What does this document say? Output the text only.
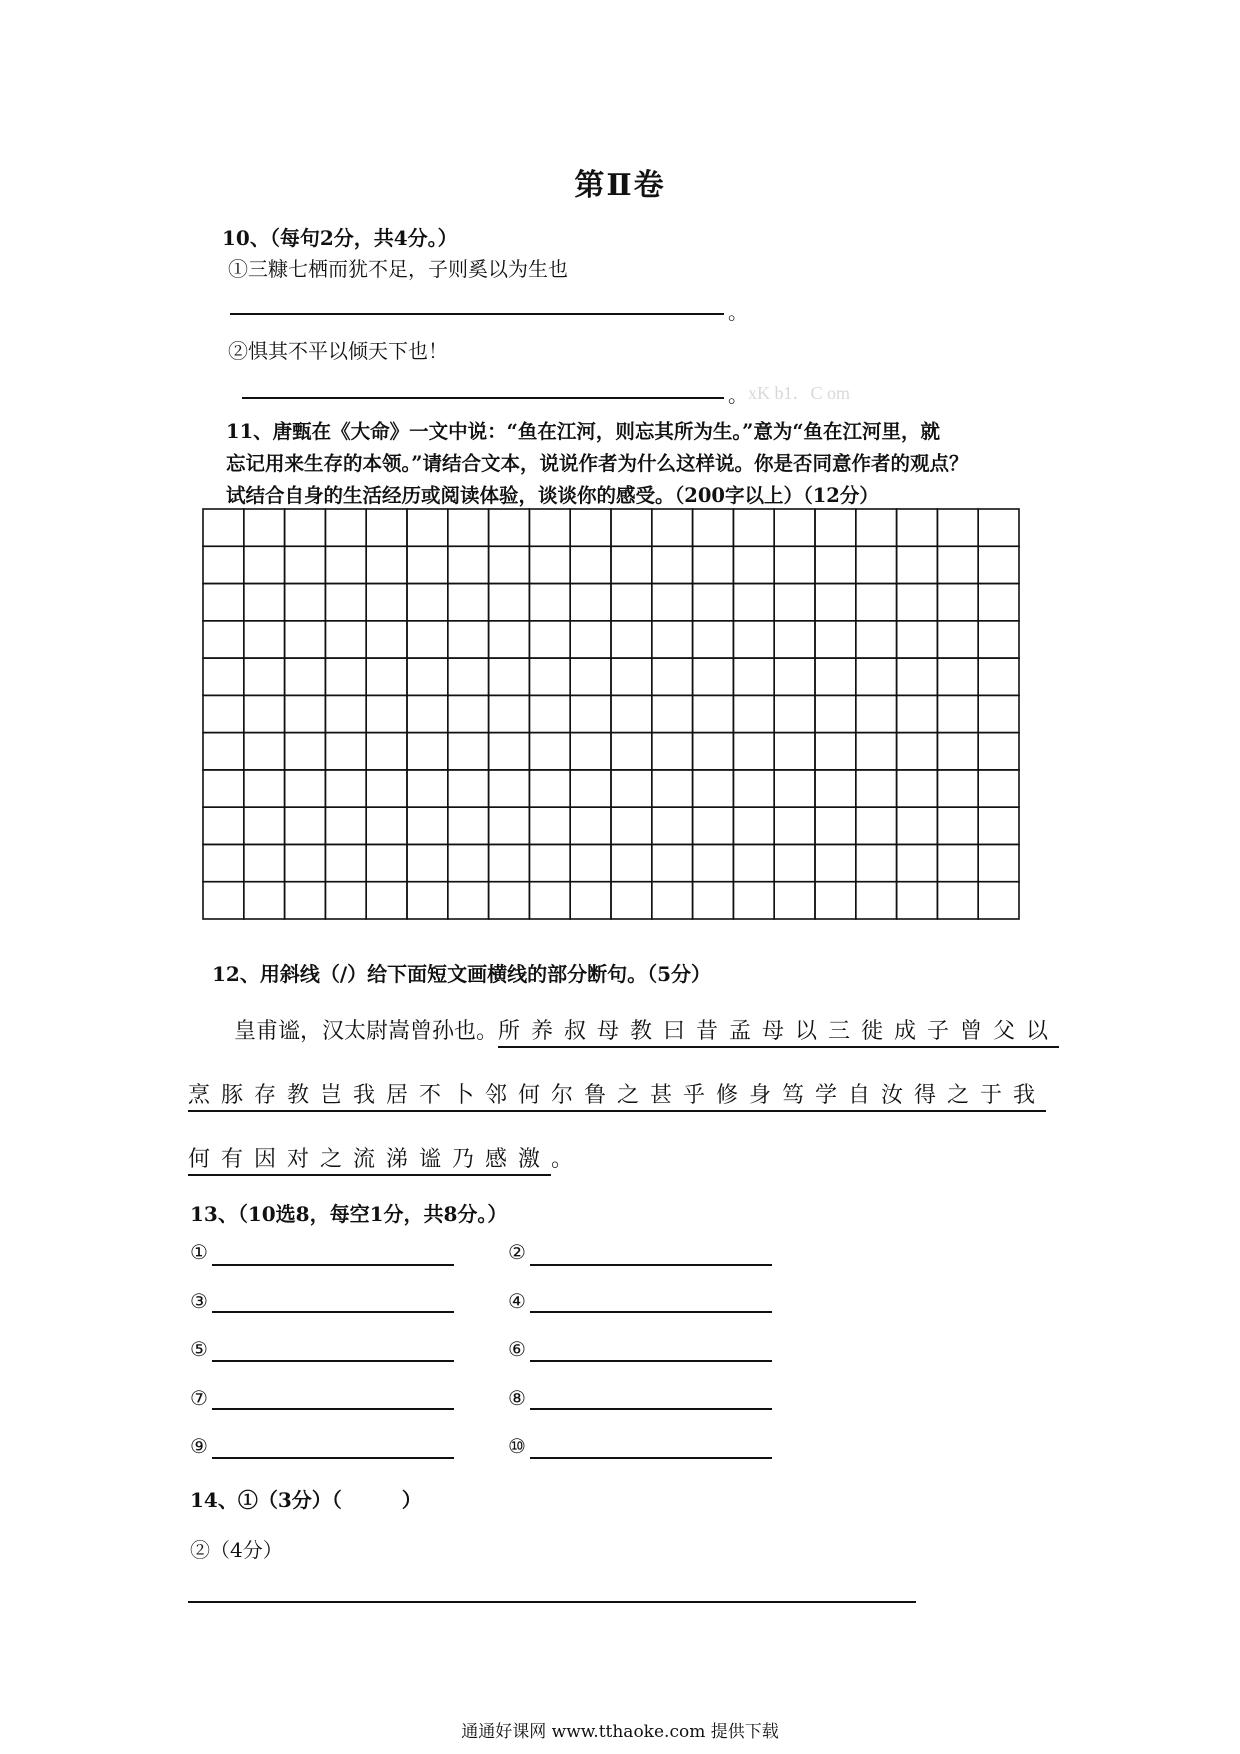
第Ⅱ卷
10、（每句2分，共4分。）
①三糠七栖而犹不足，子则奚以为生也
。
②惧其不平以倾天下也！
。 xK b1．C om
11、唐甄在《大命》一文中说：“鱼在江河，则忘其所为生。”意为“鱼在江河里，就
忘记用来生存的本领。”请结合文本，说说作者为什么这样说。你是否同意作者的观点？
试结合自身的生活经历或阅读体验，谈谈你的感受。（200字以上）（12分）
12、用斜线（/）给下面短文画横线的部分断句。（5分）
皇甫谧，汉太尉嵩曾孙也。所养叔母教曰昔孟母以三徙成子曾父以
烹豚存教岂我居不卜邻何尔鲁之甚乎修身笃学自汝得之于我
何有因对之流涕谧乃感激。
13、（10选8，每空1分，共8分。）
①	②
③	④
⑤	⑥
⑦	⑧
⑨	⑩
14、①（3分）（　　　）
②（4分）
通通好课网 www.tthaoke.com 提供下载
